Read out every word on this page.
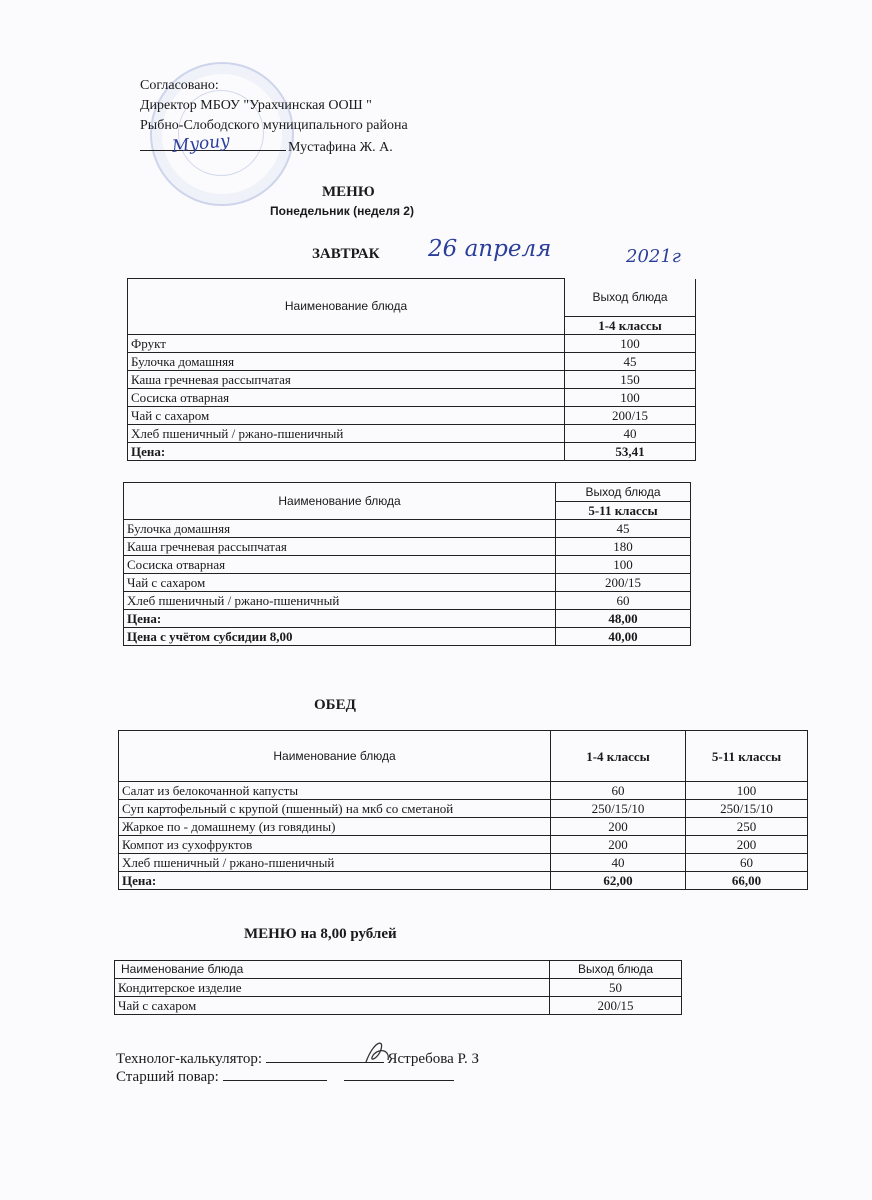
Согласовано:
Директор МБОУ "Урахчинская ООШ "
Рыбно-Слободского муниципального района
Мустафина Ж. А.
Myouy
МЕНЮ
Понедельник (неделя 2)
ЗАВТРАК 26 апреля	2021г
Наименование блюда	Выход блюда
	1-4 классы
Фрукт	100
Булочка домашняя	45
Каша гречневая рассыпчатая	150
Сосиска отварная	100
Чай с сахаром	200/15
Хлеб пшеничный / ржано-пшеничный	40
Цена:	53,41
Наименование блюда	Выход блюда
	5-11 классы
Булочка домашняя	45
Каша гречневая рассыпчатая	180
Сосиска отварная	100
Чай с сахаром	200/15
Хлеб пшеничный / ржано-пшеничный	60
Цена:	48,00
Цена с учётом субсидии 8,00	40,00
ОБЕД
Наименование блюда	1-4 классы	5-11 классы
Салат из белокочанной капусты	60	100
Суп картофельный с крупой (пшенный) на мкб со сметаной	250/15/10	250/15/10
Жаркое по - домашнему (из говядины)	200	250
Компот из сухофруктов	200	200
Хлеб пшеничный / ржано-пшеничный	40	60
Цена:	62,00	66,00
МЕНЮ на 8,00 рублей
Наименование блюда	Выход блюда
Кондитерское изделие	50
Чай с сахаром	200/15
Технолог-калькулятор:	Ястребова Р. З
Старший повар:
